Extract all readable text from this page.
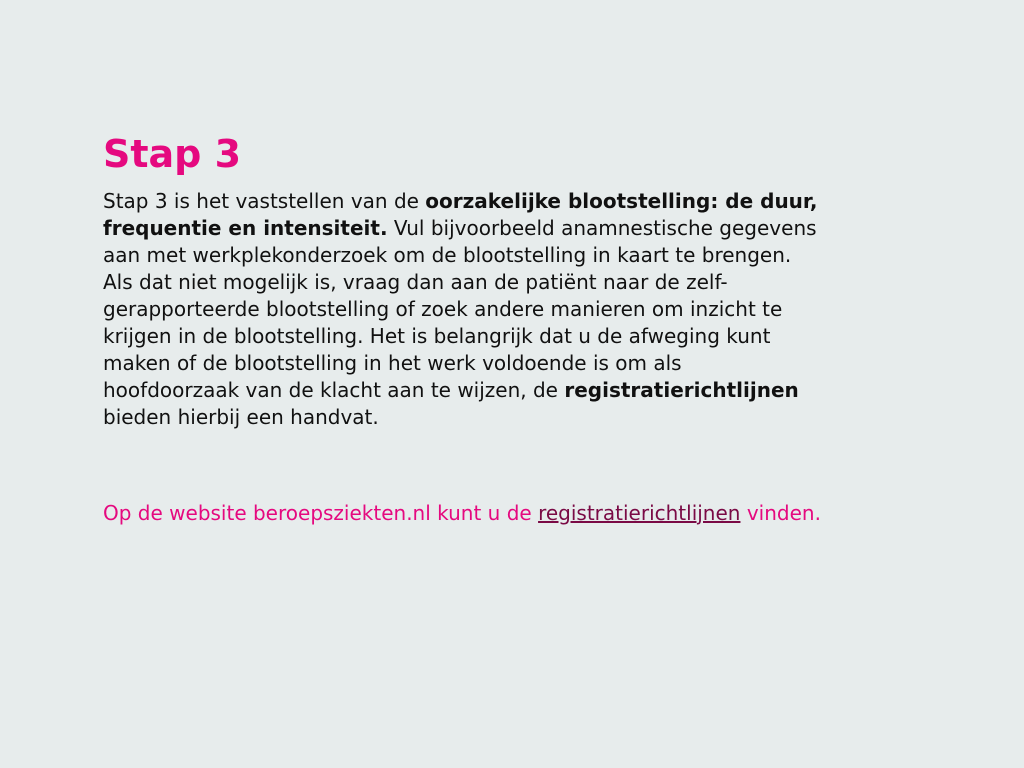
Stap 3

Stap 3 is het vaststellen van de oorzakelijke blootstelling: de duur,
frequentie en intensiteit. Vul bijvoorbeeld anamnestische gegevens
aan met werkplekonderzoek om de blootstelling in kaart te brengen.
Als dat niet mogelijk is, vraag dan aan de patiënt naar de zelf-
gerapporteerde blootstelling of zoek andere manieren om inzicht te
krijgen in de blootstelling. Het is belangrijk dat u de afweging kunt
maken of de blootstelling in het werk voldoende is om als
hoofdoorzaak van de klacht aan te wijzen, de registratierichtlijnen
bieden hierbij een handvat.

Op de website beroepsziekten.nl kunt u de registratierichtlijnen vinden.
